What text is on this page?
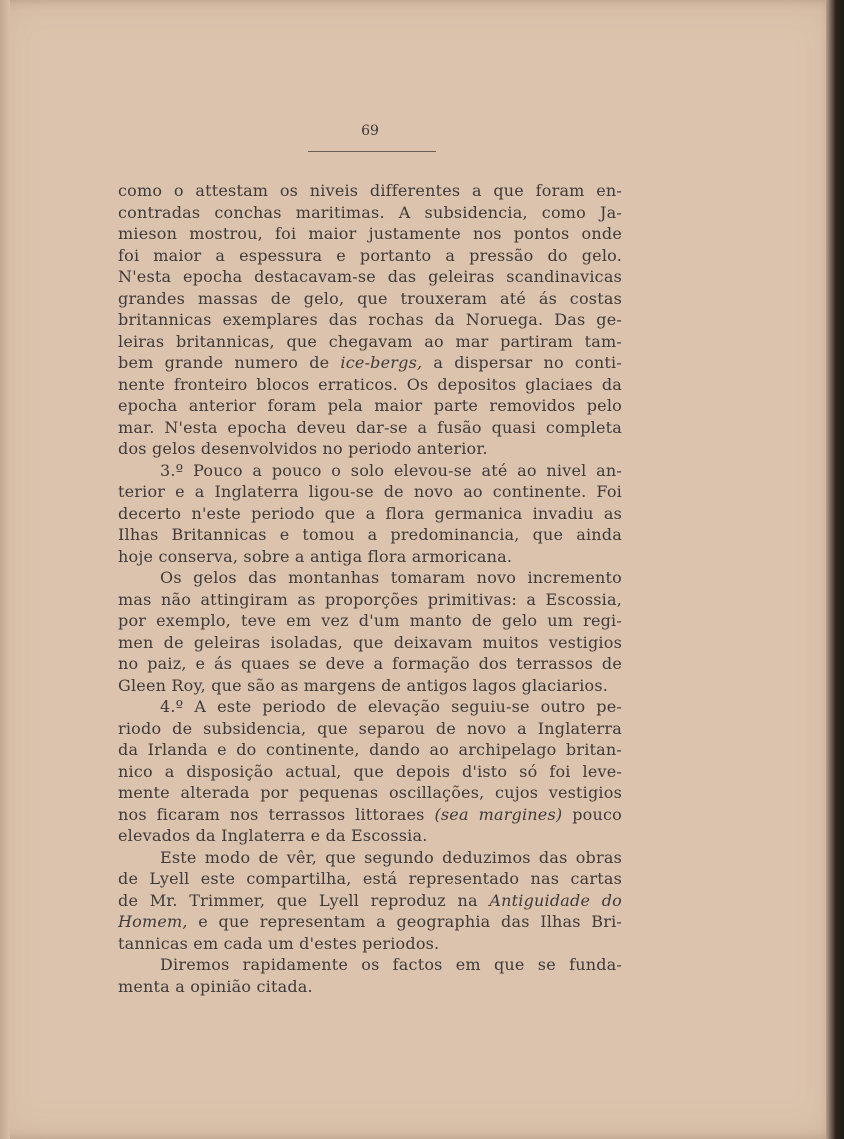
69
como o attestam os niveis differentes a que foram en-
contradas conchas maritimas. A subsidencia, como Ja-
mieson mostrou, foi maior justamente nos pontos onde
foi maior a espessura e portanto a pressão do gelo.
N'esta epocha destacavam-se das geleiras scandinavicas
grandes massas de gelo, que trouxeram até ás costas
britannicas exemplares das rochas da Noruega. Das ge-
leiras britannicas, que chegavam ao mar partiram tam-
bem grande numero de ice-bergs, a dispersar no conti-
nente fronteiro blocos erraticos. Os depositos glaciaes da
epocha anterior foram pela maior parte removidos pelo
mar. N'esta epocha deveu dar-se a fusão quasi completa
dos gelos desenvolvidos no periodo anterior.
3.º Pouco a pouco o solo elevou-se até ao nivel an-
terior e a Inglaterra ligou-se de novo ao continente. Foi
decerto n'este periodo que a flora germanica invadiu as
Ilhas Britannicas e tomou a predominancia, que ainda
hoje conserva, sobre a antiga flora armoricana.
Os gelos das montanhas tomaram novo incremento
mas não attingiram as proporções primitivas: a Escossia,
por exemplo, teve em vez d'um manto de gelo um regi-
men de geleiras isoladas, que deixavam muitos vestigios
no paiz, e ás quaes se deve a formação dos terrassos de
Gleen Roy, que são as margens de antigos lagos glaciarios.
4.º A este periodo de elevação seguiu-se outro pe-
riodo de subsidencia, que separou de novo a Inglaterra
da Irlanda e do continente, dando ao archipelago britan-
nico a disposição actual, que depois d'isto só foi leve-
mente alterada por pequenas oscillações, cujos vestigios
nos ficaram nos terrassos littoraes (sea margines) pouco
elevados da Inglaterra e da Escossia.
Este modo de vêr, que segundo deduzimos das obras
de Lyell este compartilha, está representado nas cartas
de Mr. Trimmer, que Lyell reproduz na Antiguidade do
Homem, e que representam a geographia das Ilhas Bri-
tannicas em cada um d'estes periodos.
Diremos rapidamente os factos em que se funda-
menta a opinião citada.
